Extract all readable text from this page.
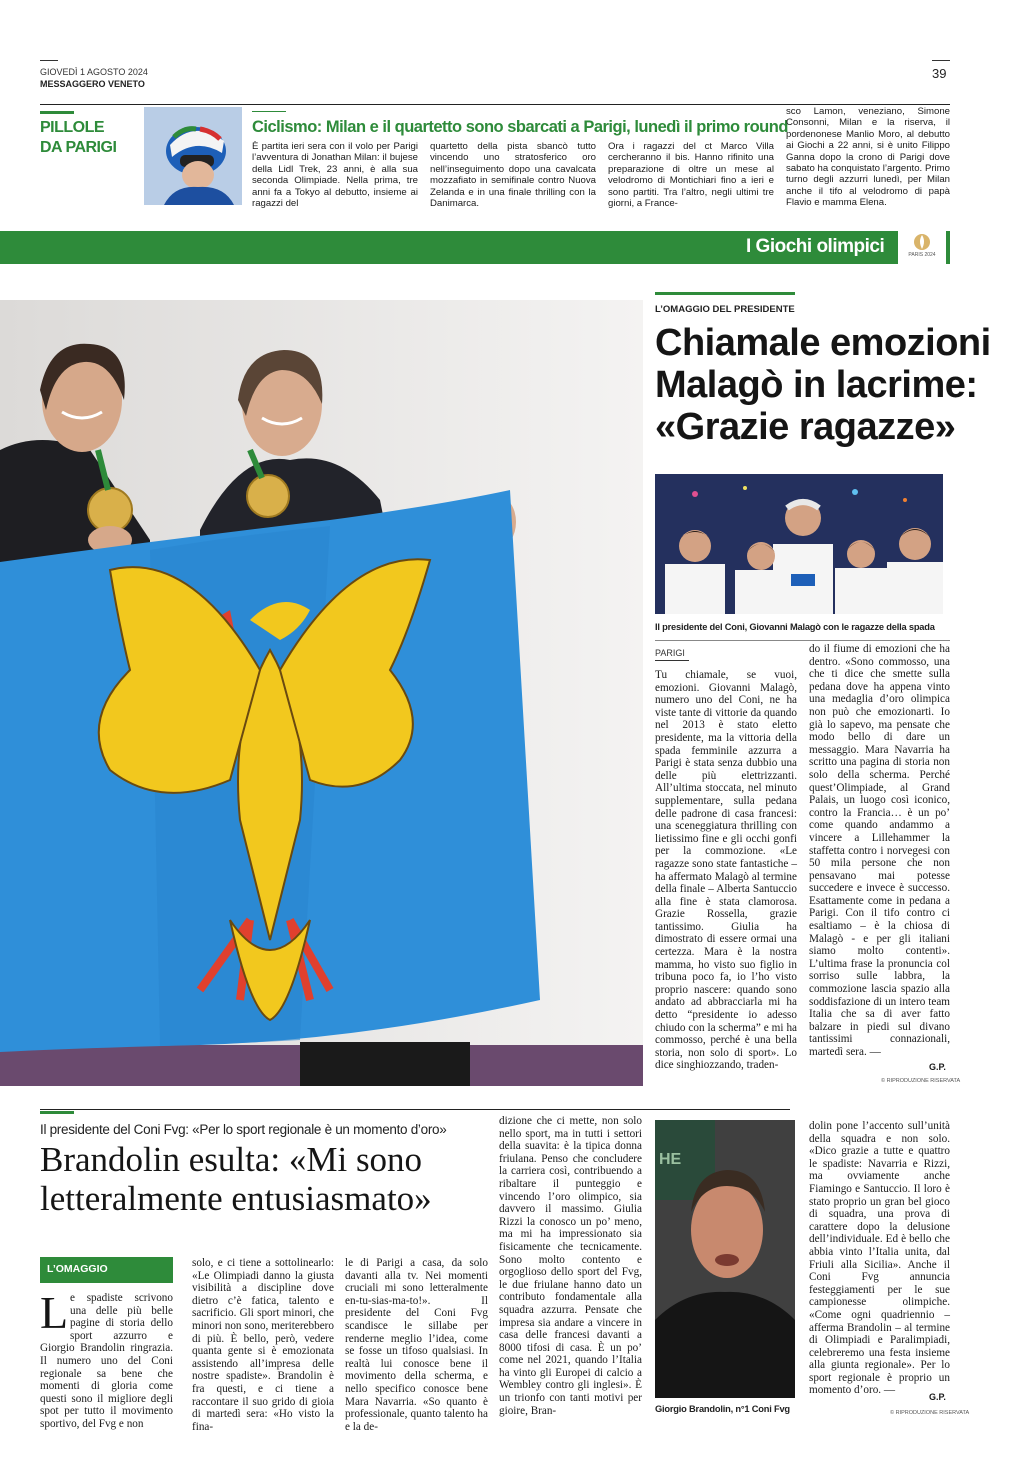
GIOVEDÌ 1 AGOSTO 2024
MESSAGGERO VENETO
39
PILLOLE
DA PARIGI
Ciclismo: Milan e il quartetto sono sbarcati a Parigi, lunedì il primo round
È partita ieri sera con il volo per Parigi l’avventura di Jonathan Milan: il bujese della Lidl Trek, 23 anni, è alla sua seconda Olimpiade. Nella prima, tre anni fa a Tokyo al debutto, insieme ai ragazzi del
quartetto della pista sbancò tutto vincendo uno stratosferico oro nell’inseguimento dopo una cavalcata mozzafiato in semifinale contro Nuova Zelanda e in una finale thrilling con la Danimarca.
Ora i ragazzi del ct Marco Villa cercheranno il bis. Hanno rifinito una preparazione di oltre un mese al velodromo di Montichiari fino a ieri e sono partiti. Tra l’altro, negli ultimi tre giorni, a France-
sco Lamon, veneziano, Simone Consonni, Milan e la riserva, il pordenonese Manlio Moro, al debutto ai Giochi a 22 anni, si è unito Filippo Ganna dopo la crono di Parigi dove sabato ha conquistato l’argento. Primo turno degli azzurri lunedì, per Milan anche il tifo al velodromo di papà Flavio e mamma Elena.
I Giochi olimpici	PARIS 2024
L’OMAGGIO DEL PRESIDENTE
Chiamale emozioni
Malagò in lacrime:
«Grazie ragazze»
Il presidente del Coni, Giovanni Malagò con le ragazze della spada
PARIGI
Tu chiamale, se vuoi, emozioni. Giovanni Malagò, numero uno del Coni, ne ha viste tante di vittorie da quando nel 2013 è stato eletto presidente, ma la vittoria della spada femminile azzurra a Parigi è stata senza dubbio una delle più elettrizzanti. All’ultima stoccata, nel minuto supplementare, sulla pedana delle padrone di casa francesi: una sceneggiatura thrilling con lietissimo fine e gli occhi gonfi per la commozione. «Le ragazze sono state fantastiche – ha affermato Malagò al termine della finale – Alberta Santuccio alla fine è stata clamorosa. Grazie Rossella, grazie tantissimo. Giulia ha dimostrato di essere ormai una certezza. Mara è la nostra mamma, ho visto suo figlio in tribuna poco fa, io l’ho visto proprio nascere: quando sono andato ad abbracciarla mi ha detto “presidente io adesso chiudo con la scherma” e mi ha commosso, perché è una bella storia, non solo di sport». Lo dice singhiozzando, traden-
do il fiume di emozioni che ha dentro. «Sono commosso, una che ti dice che smette sulla pedana dove ha appena vinto una medaglia d’oro olimpica non può che emozionarti. Io già lo sapevo, ma pensate che modo bello di dare un messaggio. Mara Navarria ha scritto una pagina di storia non solo della scherma. Perché quest’Olimpiade, al Grand Palais, un luogo così iconico, contro la Francia… è un po’ come quando andammo a vincere a Lillehammer la staffetta contro i norvegesi con 50 mila persone che non pensavano mai potesse succedere e invece è successo. Esattamente come in pedana a Parigi. Con il tifo contro ci esaltiamo – è la chiosa di Malagò - e per gli italiani siamo molto contenti». L’ultima frase la pronuncia col sorriso sulle labbra, la commozione lascia spazio alla soddisfazione di un intero team Italia che sa di aver fatto balzare in piedi sul divano tantissimi connazionali, martedì sera. —
G.P.
© RIPRODUZIONE RISERVATA
Il presidente del Coni Fvg: «Per lo sport regionale è un momento d’oro»
Brandolin esulta: «Mi sono
letteralmente entusiasmato»
L’OMAGGIO
L e spadiste scrivono una delle più belle pagine di storia dello sport azzurro e Giorgio Brandolin ringrazia. Il numero uno del Coni regionale sa bene che momenti di gloria come questi sono il migliore degli spot per tutto il movimento sportivo, del Fvg e non
solo, e ci tiene a sottolinearlo: «Le Olimpiadi danno la giusta visibilità a discipline dove dietro c’è fatica, talento e sacrificio. Gli sport minori, che minori non sono, meriterebbero di più. È bello, però, vedere quanta gente si è emozionata assistendo all’impresa delle nostre spadiste». Brandolin è fra questi, e ci tiene a raccontare il suo grido di gioia di martedì sera: «Ho visto la fina-
le di Parigi a casa, da solo davanti alla tv. Nei momenti cruciali mi sono letteralmente en-tu-sias-ma-to!». Il presidente del Coni Fvg scandisce le sillabe per renderne meglio l’idea, come se fosse un tifoso qualsiasi. In realtà lui conosce bene il movimento della scherma, e nello specifico conosce bene Mara Navarria. «So quanto è professionale, quanto talento ha e la de-
dizione che ci mette, non solo nello sport, ma in tutti i settori della suavita: è la tipica donna friulana. Penso che concludere la carriera così, contribuendo a ribaltare il punteggio e vincendo l’oro olimpico, sia davvero il massimo. Giulia Rizzi la conosco un po’ meno, ma mi ha impressionato sia fisicamente che tecnicamente. Sono molto contento e orgoglioso dello sport del Fvg, le due friulane hanno dato un contributo fondamentale alla squadra azzurra. Pensate che impresa sia andare a vincere in casa delle francesi davanti a 8000 tifosi di casa. È un po’ come nel 2021, quando l’Italia ha vinto gli Europei di calcio a Wembley contro gli inglesi». È un trionfo con tanti motivi per gioire, Bran-
HE
Giorgio Brandolin, n°1 Coni Fvg
dolin pone l’accento sull’unità della squadra e non solo. «Dico grazie a tutte e quattro le spadiste: Navarria e Rizzi, ma ovviamente anche Fiamingo e Santuccio. Il loro è stato proprio un gran bel gioco di squadra, una prova di carattere dopo la delusione dell’individuale. Ed è bello che abbia vinto l’Italia unita, dal Friuli alla Sicilia». Anche il Coni Fvg annuncia festeggiamenti per le sue campionesse olimpiche. «Come ogni quadriennio – afferma Brandolin – al termine di Olimpiadi e Paralimpiadi, celebreremo una festa insieme alla giunta regionale». Per lo sport regionale è proprio un momento d’oro. —
G.P.
© RIPRODUZIONE RISERVATA
